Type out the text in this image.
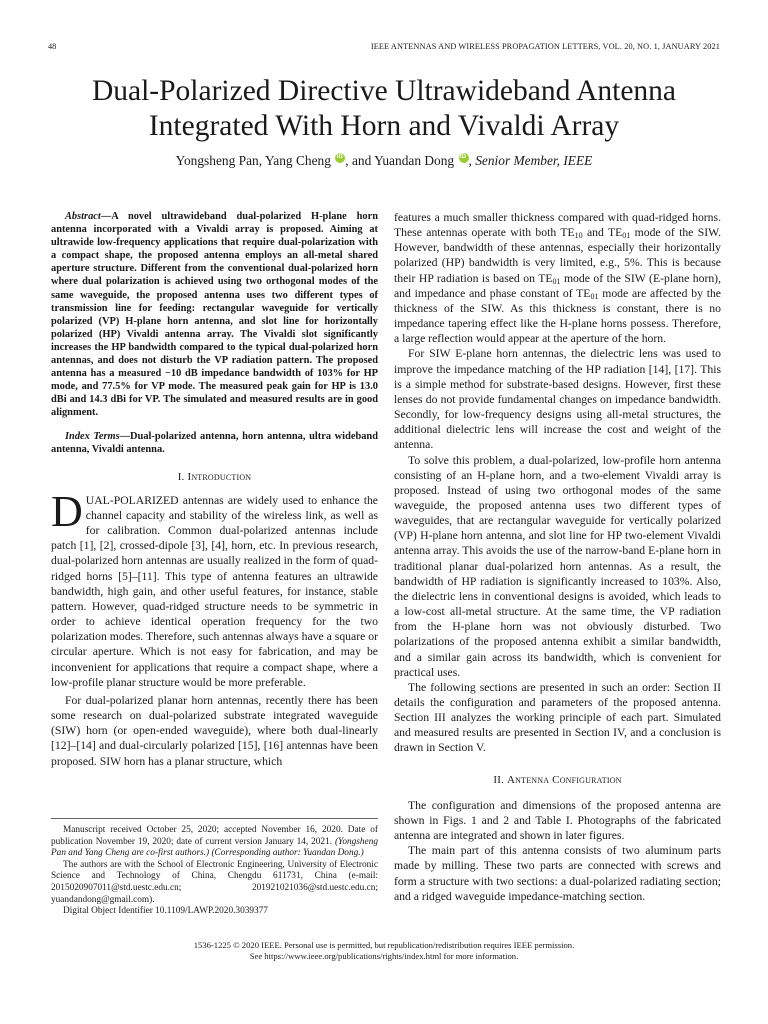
48	IEEE ANTENNAS AND WIRELESS PROPAGATION LETTERS, VOL. 20, NO. 1, JANUARY 2021
Dual-Polarized Directive Ultrawideband Antenna
Integrated With Horn and Vivaldi Array
Yongsheng Pan, Yang Cheng iD , and Yuandan Dong iD , Senior Member, IEEE

Abstract—A novel ultrawideband dual-polarized H-plane horn antenna incorporated with a Vivaldi array is proposed. Aiming at ultrawide low-frequency applications that require dual-polarization with a compact shape, the proposed antenna employs an all-metal shared aperture structure. Different from the conventional dual-polarized horn where dual polarization is achieved using two orthogonal modes of the same waveguide, the proposed antenna uses two different types of transmission line for feeding: rectangular waveguide for vertically polarized (VP) H-plane horn antenna, and slot line for horizontally polarized (HP) Vivaldi antenna array. The Vivaldi slot significantly increases the HP bandwidth compared to the typical dual-polarized horn antennas, and does not disturb the VP radiation pattern. The proposed antenna has a measured −10 dB impedance bandwidth of 103% for HP mode, and 77.5% for VP mode. The measured peak gain for HP is 13.0 dBi and 14.3 dBi for VP. The simulated and measured results are in good alignment.

Index Terms—Dual-polarized antenna, horn antenna, ultra wideband antenna, Vivaldi antenna.

I. Introduction

DUAL-POLARIZED antennas are widely used to enhance the channel capacity and stability of the wireless link, as well as for calibration. Common dual-polarized antennas include patch [1], [2], crossed-dipole [3], [4], horn, etc. In previous research, dual-polarized horn antennas are usually realized in the form of quad-ridged horns [5]–[11]. This type of antenna features an ultrawide bandwidth, high gain, and other useful features, for instance, stable pattern. However, quad-ridged structure needs to be symmetric in order to achieve identical operation frequency for the two polarization modes. Therefore, such antennas always have a square or circular aperture. Which is not easy for fabrication, and may be inconvenient for applications that require a compact shape, where a low-profile planar structure would be more preferable.

For dual-polarized planar horn antennas, recently there has been some research on dual-polarized substrate integrated waveguide (SIW) horn (or open-ended waveguide), where both dual-linearly [12]–[14] and dual-circularly polarized [15], [16] antennas have been proposed. SIW horn has a planar structure, which

features a much smaller thickness compared with quad-ridged horns. These antennas operate with both $TE_{10}$ and $TE_{01}$ mode of the SIW. However, bandwidth of these antennas, especially their horizontally polarized (HP) bandwidth is very limited, e.g., 5%. This is because their HP radiation is based on $TE_{01}$ mode of the SIW (E-plane horn), and impedance and phase constant of $TE_{01}$ mode are affected by the thickness of the SIW. As this thickness is constant, there is no impedance tapering effect like the H-plane horns possess. Therefore, a large reflection would appear at the aperture of the horn.

For SIW E-plane horn antennas, the dielectric lens was used to improve the impedance matching of the HP radiation [14], [17]. This is a simple method for substrate-based designs. However, first these lenses do not provide fundamental changes on impedance bandwidth. Secondly, for low-frequency designs using all-metal structures, the additional dielectric lens will increase the cost and weight of the antenna.

To solve this problem, a dual-polarized, low-profile horn antenna consisting of an H-plane horn, and a two-element Vivaldi array is proposed. Instead of using two orthogonal modes of the same waveguide, the proposed antenna uses two different types of waveguides, that are rectangular waveguide for vertically polarized (VP) H-plane horn antenna, and slot line for HP two-element Vivaldi antenna array. This avoids the use of the narrow-band E-plane horn in traditional planar dual-polarized horn antennas. As a result, the bandwidth of HP radiation is significantly increased to 103%. Also, the dielectric lens in conventional designs is avoided, which leads to a low-cost all-metal structure. At the same time, the VP radiation from the H-plane horn was not obviously disturbed. Two polarizations of the proposed antenna exhibit a similar bandwidth, and a similar gain across its bandwidth, which is convenient for practical uses.

The following sections are presented in such an order: Section II details the configuration and parameters of the proposed antenna. Section III analyzes the working principle of each part. Simulated and measured results are presented in Section IV, and a conclusion is drawn in Section V.

II. Antenna Configuration

The configuration and dimensions of the proposed antenna are shown in Figs. 1 and 2 and Table I. Photographs of the fabricated antenna are integrated and shown in later figures.

The main part of this antenna consists of two aluminum parts made by milling. These two parts are connected with screws and form a structure with two sections: a dual-polarized radiating section; and a ridged waveguide impedance-matching section.

Manuscript received October 25, 2020; accepted November 16, 2020. Date of publication November 19, 2020; date of current version January 14, 2021. (Yongsheng Pan and Yang Cheng are co-first authors.) (Corresponding author: Yuandan Dong.)

The authors are with the School of Electronic Engineering, University of Electronic Science and Technology of China, Chengdu 611731, China (e-mail: 2015020907011@std.uestc.edu.cn; 201921021036@std.uestc.edu.cn; yuandandong@gmail.com).

Digital Object Identifier 10.1109/LAWP.2020.3039377

1536-1225 © 2020 IEEE. Personal use is permitted, but republication/redistribution requires IEEE permission.
See https://www.ieee.org/publications/rights/index.html for more information.
